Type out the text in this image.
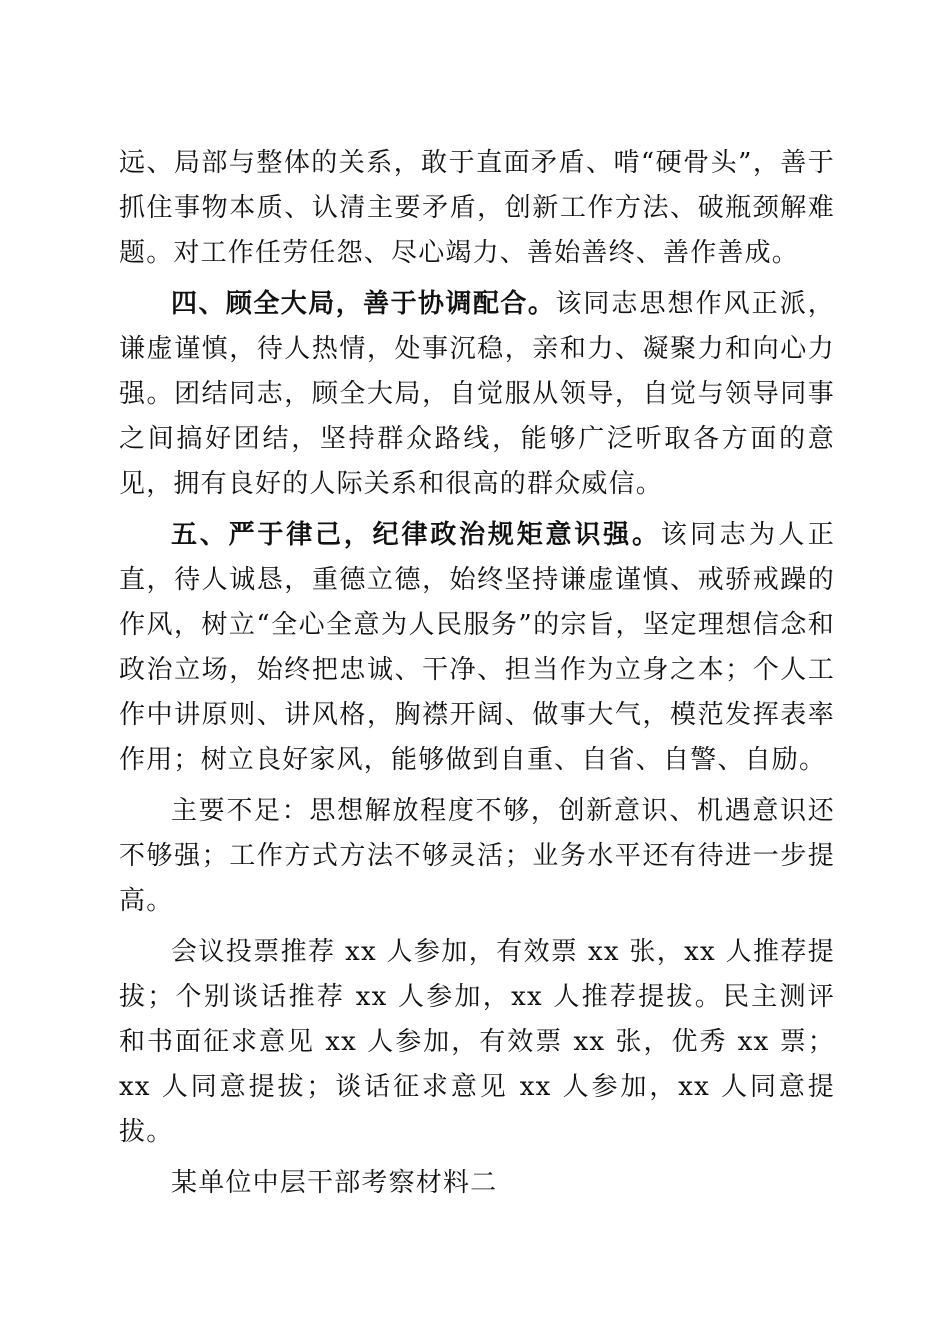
远、局部与整体的关系，敢于直面矛盾、啃“硬骨头”，善于抓住事物本质、认清主要矛盾，创新工作方法、破瓶颈解难题。对工作任劳任怨、尽心竭力、善始善终、善作善成。

四、顾全大局，善于协调配合。该同志思想作风正派，谦虚谨慎，待人热情，处事沉稳，亲和力、凝聚力和向心力强。团结同志，顾全大局，自觉服从领导，自觉与领导同事之间搞好团结，坚持群众路线，能够广泛听取各方面的意见，拥有良好的人际关系和很高的群众威信。

五、严于律己，纪律政治规矩意识强。该同志为人正直，待人诚恳，重德立德，始终坚持谦虚谨慎、戒骄戒躁的作风，树立“全心全意为人民服务”的宗旨，坚定理想信念和政治立场，始终把忠诚、干净、担当作为立身之本；个人工作中讲原则、讲风格，胸襟开阔、做事大气，模范发挥表率作用；树立良好家风，能够做到自重、自省、自警、自励。

主要不足：思想解放程度不够，创新意识、机遇意识还不够强；工作方式方法不够灵活；业务水平还有待进一步提高。

会议投票推荐 xx 人参加，有效票 xx 张，xx 人推荐提拔；个别谈话推荐 xx 人参加，xx 人推荐提拔。民主测评和书面征求意见 xx 人参加，有效票 xx 张，优秀 xx 票；xx 人同意提拔；谈话征求意见 xx 人参加，xx 人同意提拔。

某单位中层干部考察材料二
